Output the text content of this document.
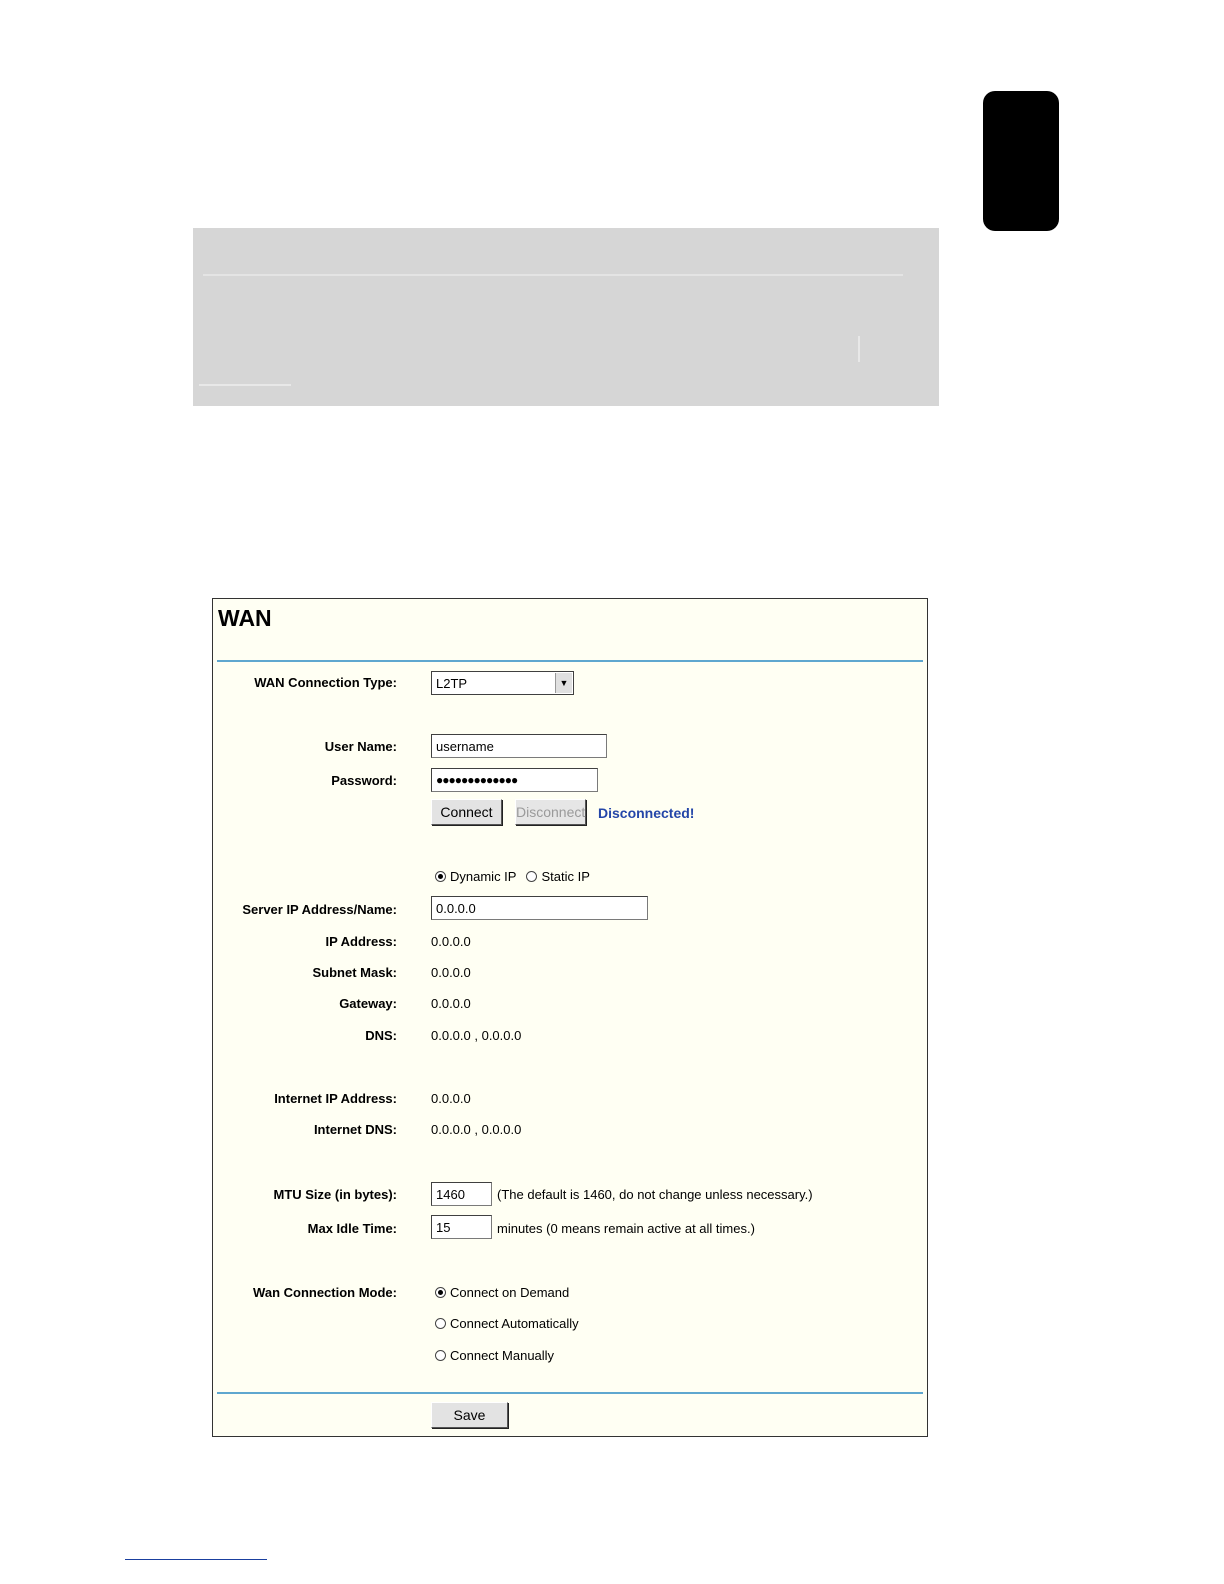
WAN
WAN Connection Type:	L2TP	▼
User Name:
username
Password:
●●●●●●●●●●●●●
Connect	Disconnect Disconnected!
Dynamic IP Static IP
Server IP Address/Name:
0.0.0.0
IP Address:	0.0.0.0
Subnet Mask:	0.0.0.0
Gateway:	0.0.0.0
DNS:	0.0.0.0 , 0.0.0.0
Internet IP Address:	0.0.0.0
Internet DNS:	0.0.0.0 , 0.0.0.0
MTU Size (in bytes):
1460	(The default is 1460, do not change unless necessary.)
Max Idle Time:
15	minutes (0 means remain active at all times.)
Wan Connection Mode:	Connect on Demand
Connect Automatically
Connect Manually
Save
